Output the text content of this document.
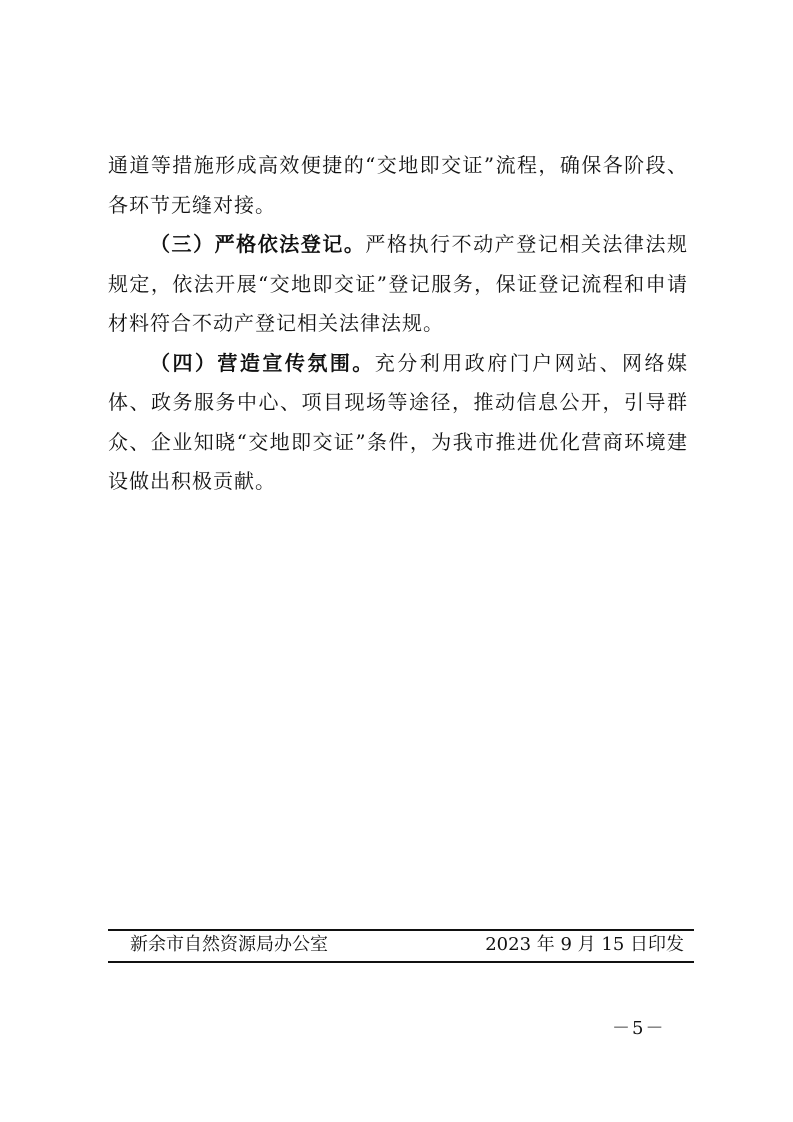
通道等措施形成高效便捷的“交地即交证”流程，确保各阶段、各环节无缝对接。

（三）严格依法登记。严格执行不动产登记相关法律法规规定，依法开展“交地即交证”登记服务，保证登记流程和申请材料符合不动产登记相关法律法规。

（四）营造宣传氛围。充分利用政府门户网站、网络媒体、政务服务中心、项目现场等途径，推动信息公开，引导群众、企业知晓“交地即交证”条件，为我市推进优化营商环境建设做出积极贡献。

新余市自然资源局办公室	2023 年 9 月 15 日印发
－5－
